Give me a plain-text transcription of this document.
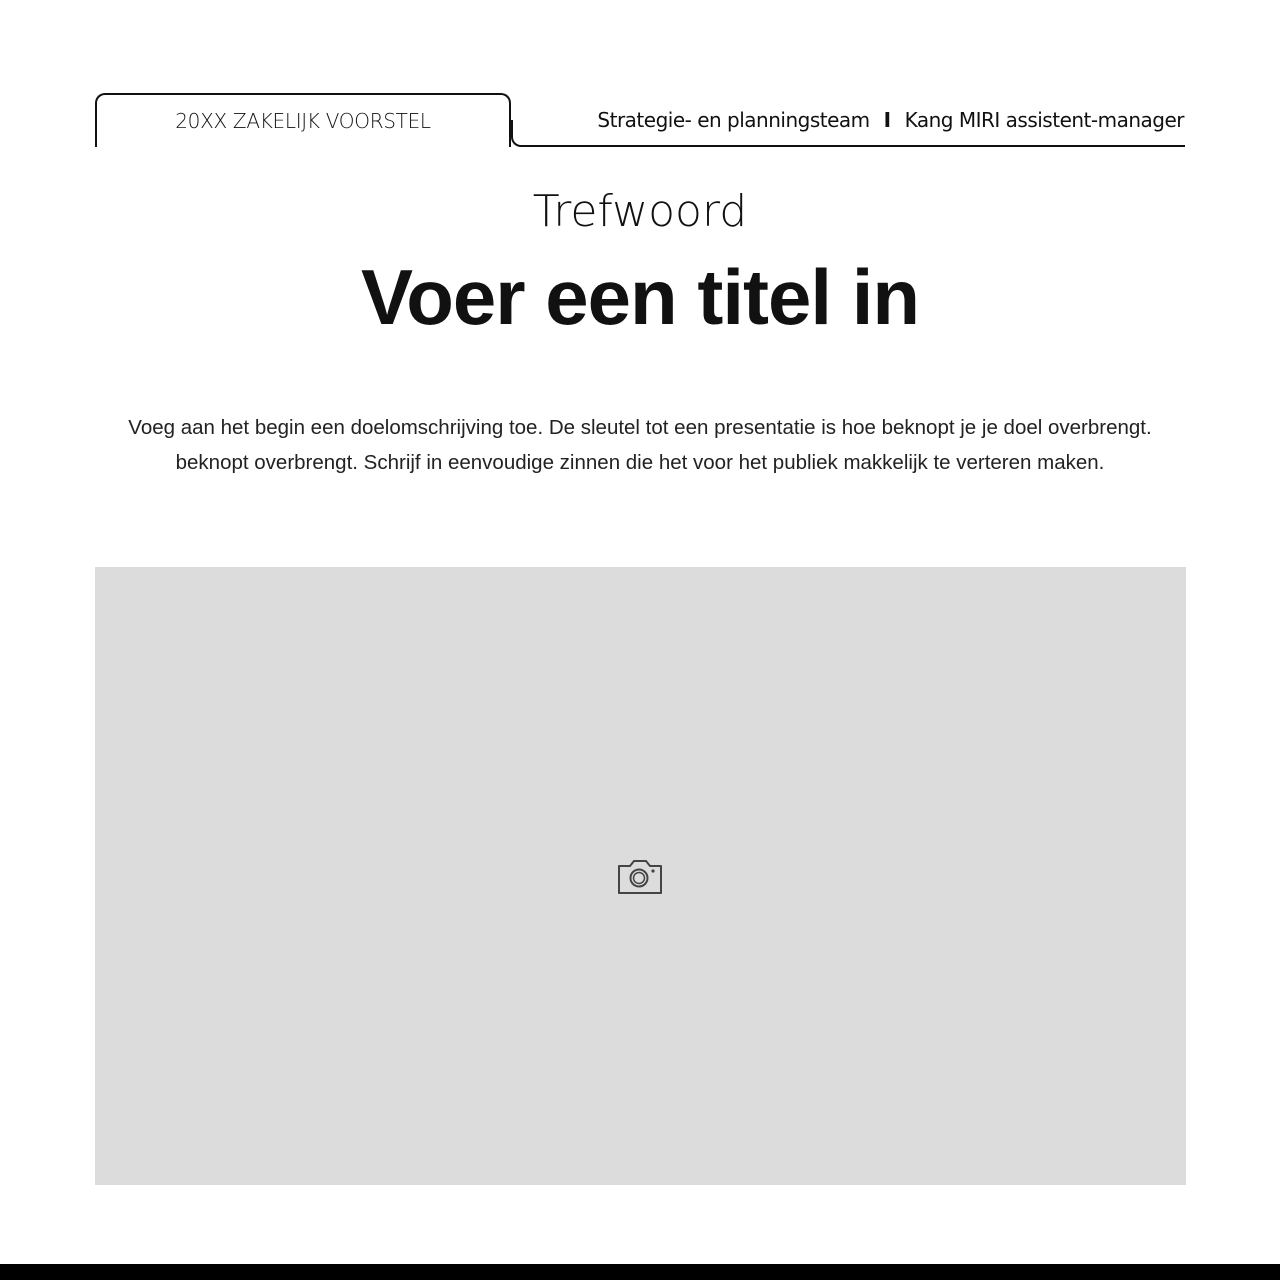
20XX ZAKELIJK VOORSTEL	Strategie- en planningsteam I Kang MIRI assistent-manager
Trefwoord
Voer een titel in
Voeg aan het begin een doelomschrijving toe. De sleutel tot een presentatie is hoe beknopt je je doel overbrengt.
beknopt overbrengt. Schrijf in eenvoudige zinnen die het voor het publiek makkelijk te verteren maken.
